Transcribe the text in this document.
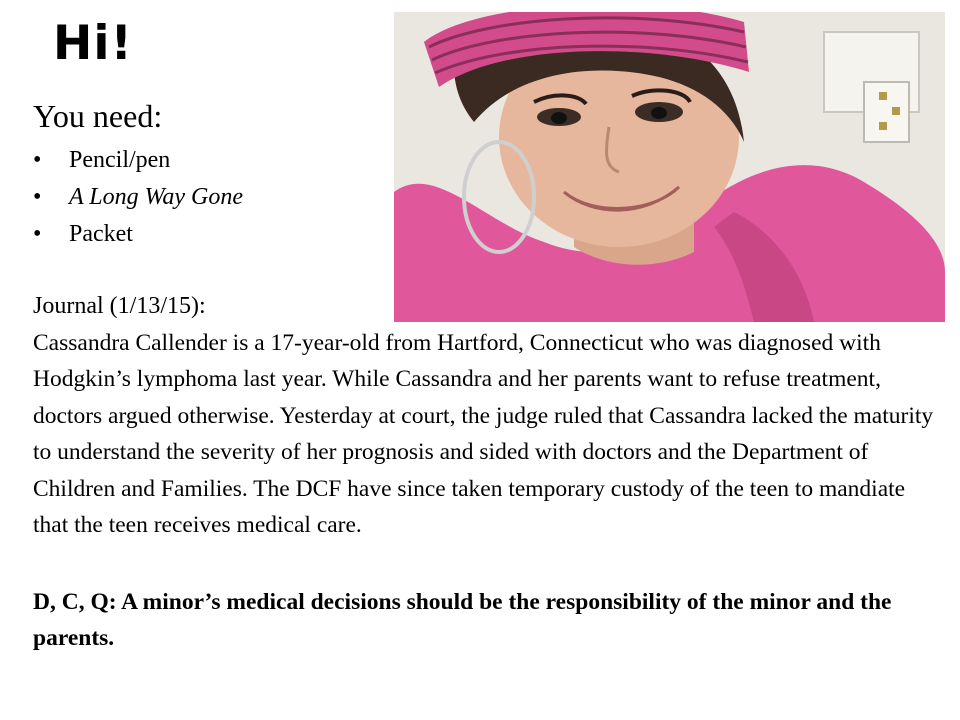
Hi!
You need:
• Pencil/pen
• A Long Way Gone
• Packet
Journal (1/13/15):
Cassandra Callender is a 17-year-old from Hartford, Connecticut who was diagnosed with Hodgkin’s lymphoma last year. While Cassandra and her parents want to refuse treatment, doctors argued otherwise. Yesterday at court, the judge ruled that Cassandra lacked the maturity to understand the severity of her prognosis and sided with doctors and the Department of Children and Families. The DCF have since taken temporary custody of the teen to mandiate that the teen receives medical care.
D, C, Q: A minor’s medical decisions should be the responsibility of the minor and the parents.
